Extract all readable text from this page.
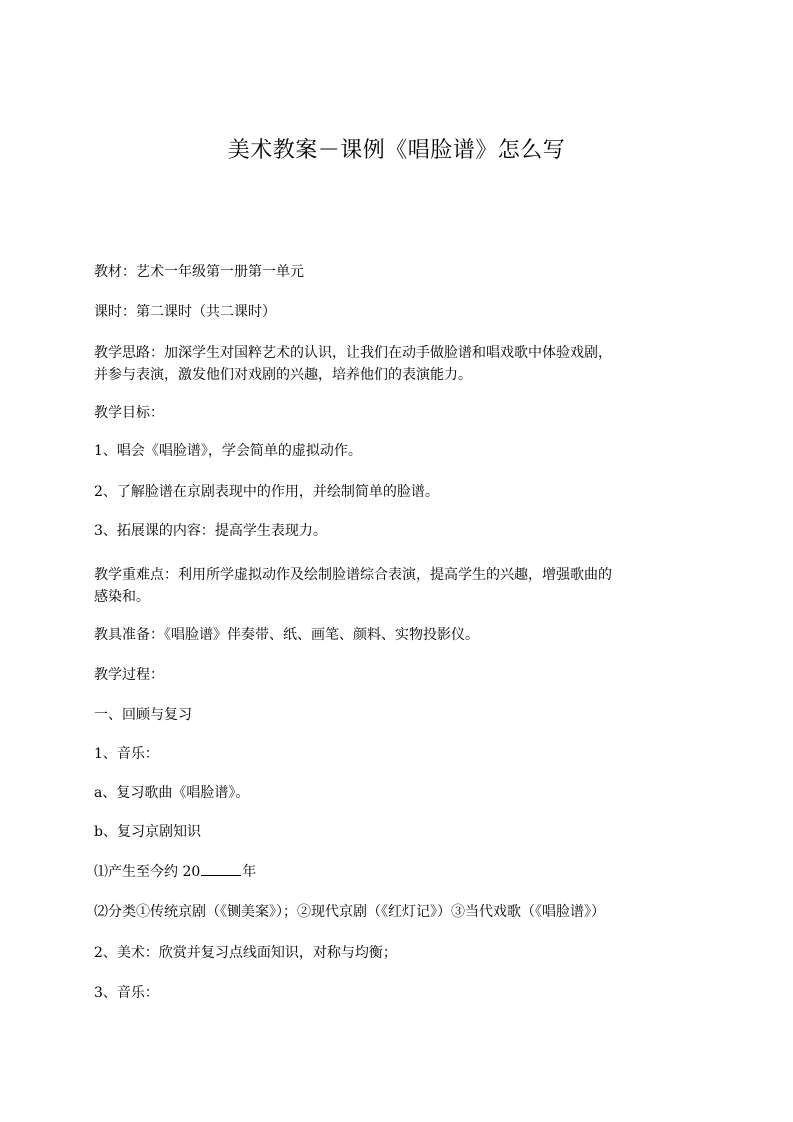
美术教案－课例《唱脸谱》怎么写
教材：艺术一年级第一册第一单元
课时：第二课时（共二课时）
教学思路：加深学生对国粹艺术的认识，让我们在动手做脸谱和唱戏歌中体验戏剧，
并参与表演，激发他们对戏剧的兴趣，培养他们的表演能力。
教学目标：
1、唱会《唱脸谱》，学会简单的虚拟动作。
2、了解脸谱在京剧表现中的作用，并绘制简单的脸谱。
3、拓展课的内容：提高学生表现力。
教学重难点：利用所学虚拟动作及绘制脸谱综合表演，提高学生的兴趣，增强歌曲的
感染和。
教具准备：《唱脸谱》伴奏带、纸、画笔、颜料、实物投影仪。
教学过程：
一、回顾与复习
1、音乐：
a、复习歌曲《唱脸谱》。
b、复习京剧知识
⑴产生至今约 20	年
⑵分类①传统京剧（《铡美案》）；②现代京剧（《红灯记》）③当代戏歌（《唱脸谱》）
2、美术：欣赏并复习点线面知识，对称与均衡；
3、音乐：
